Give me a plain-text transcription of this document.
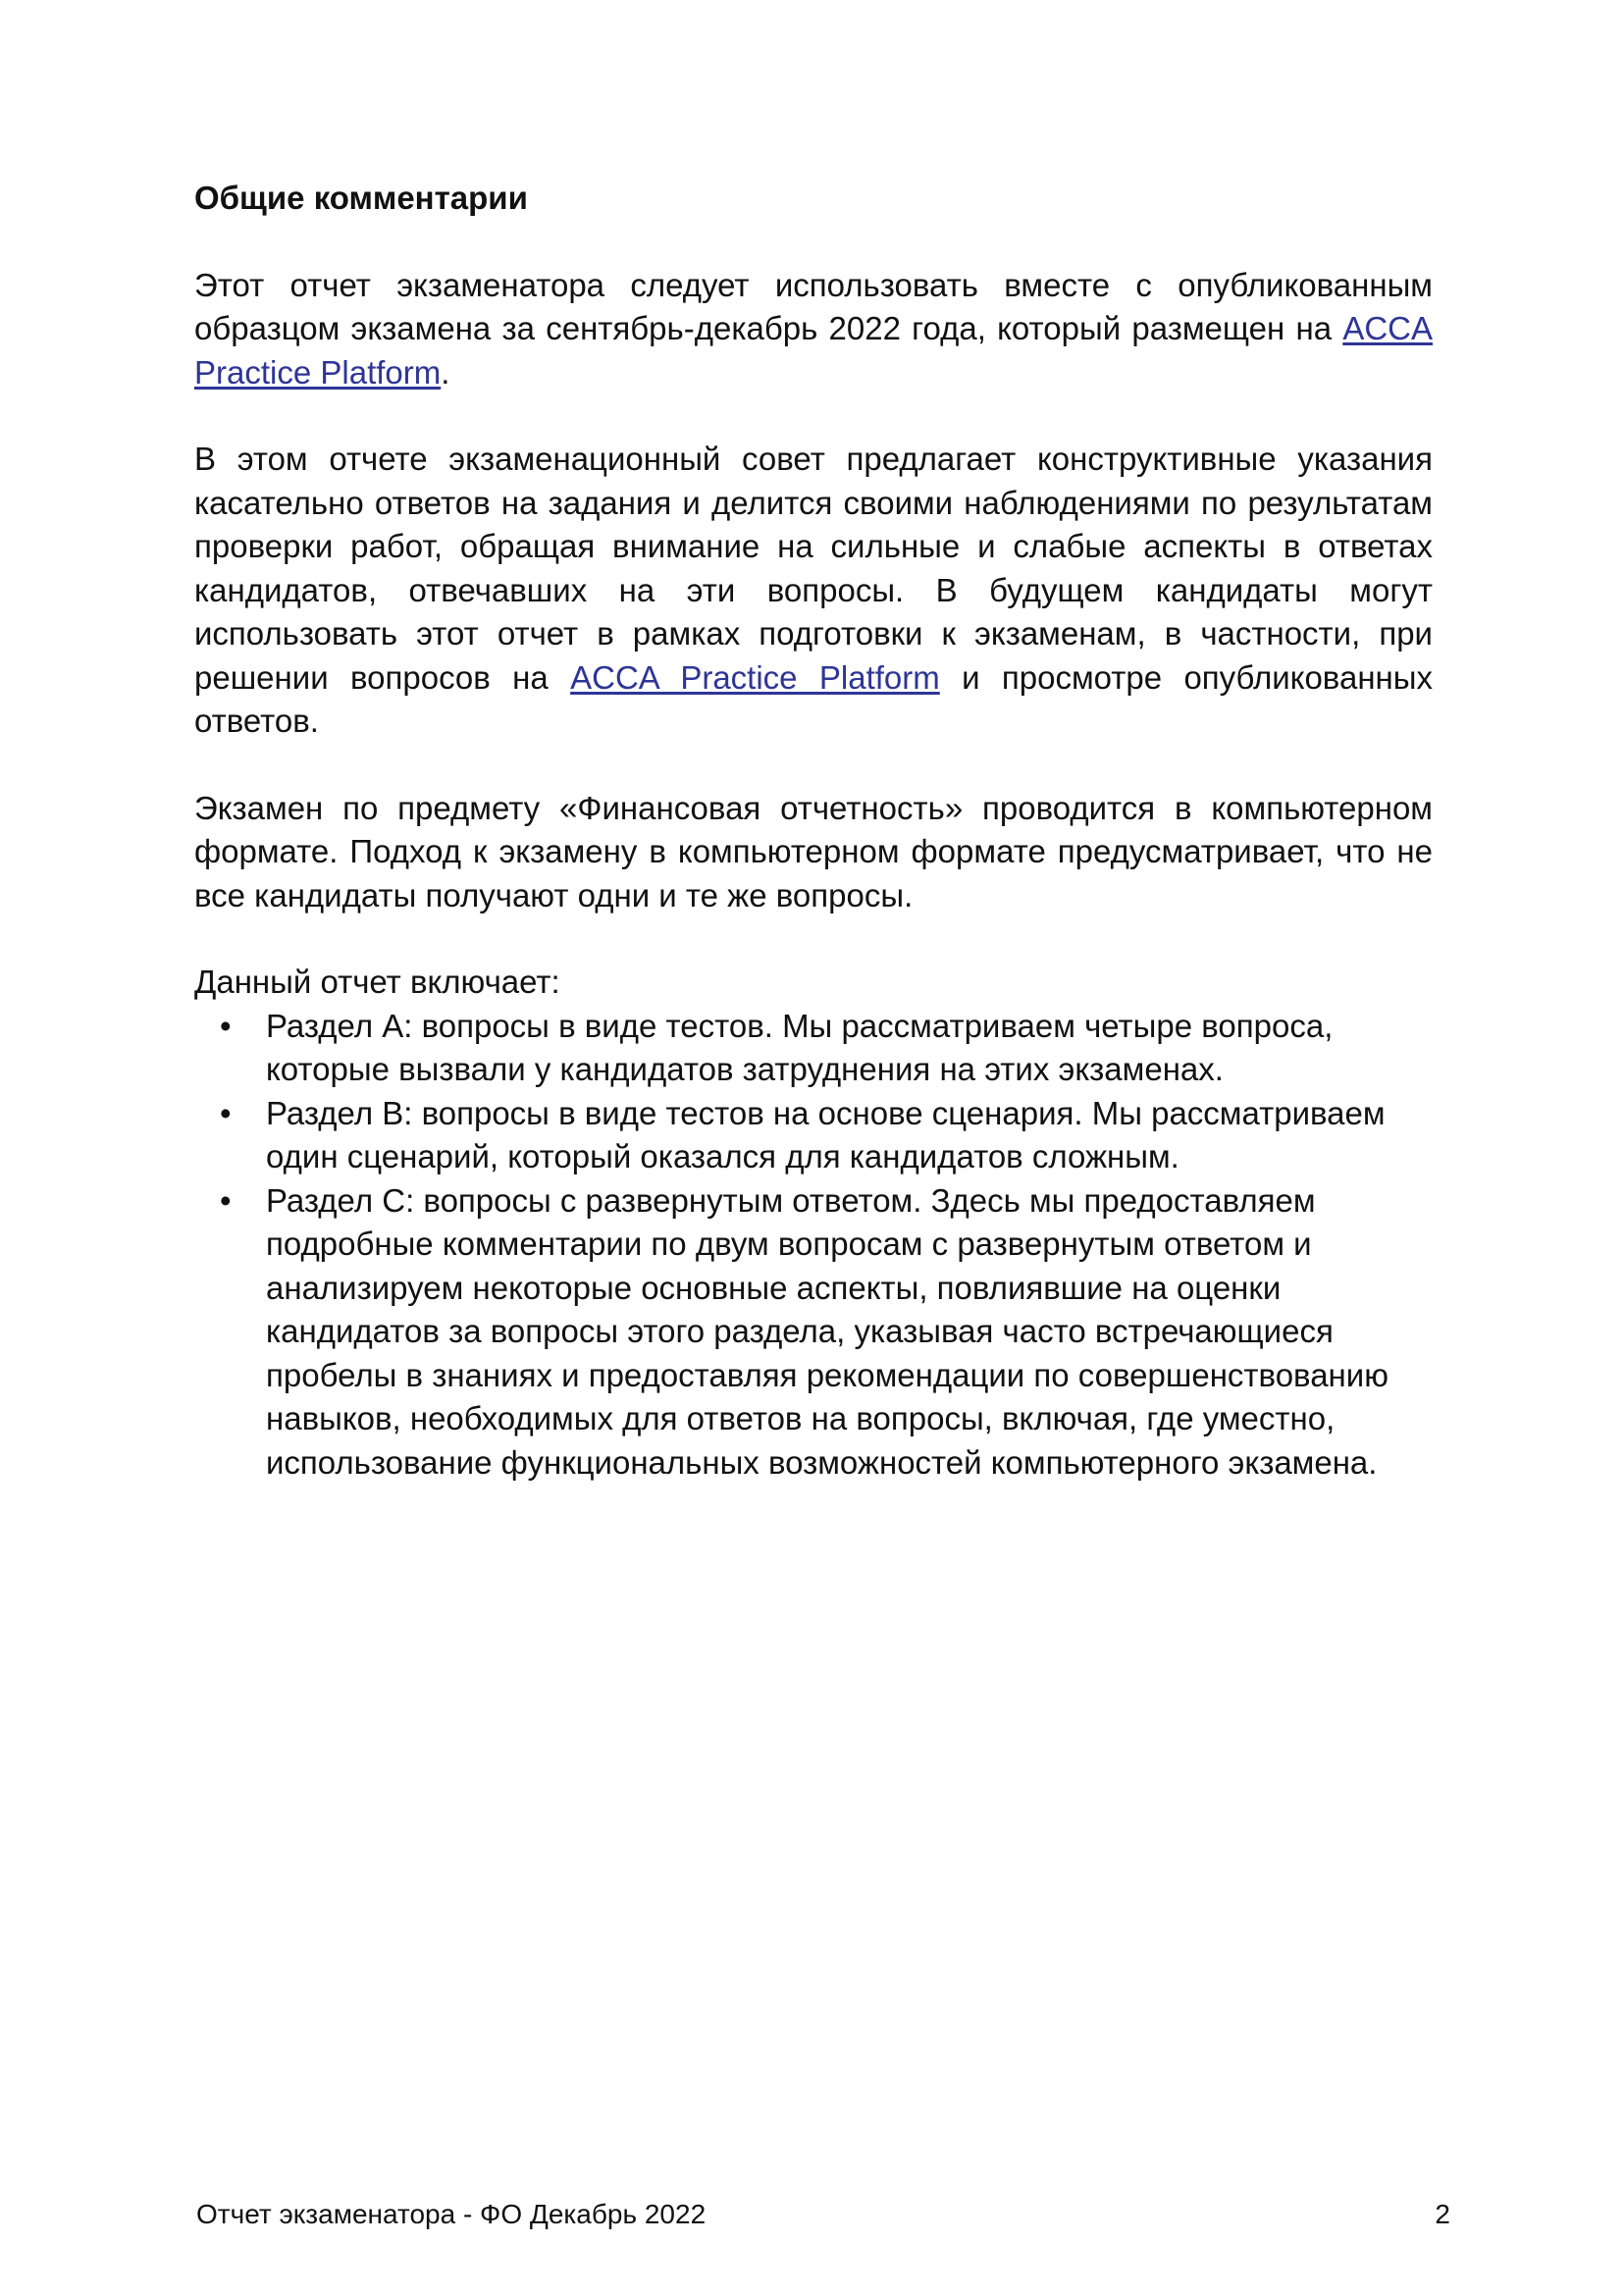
Общие комментарии

Этот отчет экзаменатора следует использовать вместе с опубликованным образцом экзамена за сентябрь-декабрь 2022 года, который размещен на ACCA Practice Platform.

В этом отчете экзаменационный совет предлагает конструктивные указания касательно ответов на задания и делится своими наблюдениями по результатам проверки работ, обращая внимание на сильные и слабые аспекты в ответах кандидатов, отвечавших на эти вопросы. В будущем кандидаты могут использовать этот отчет в рамках подготовки к экзаменам, в частности, при решении вопросов на ACCA Practice Platform и просмотре опубликованных ответов.

Экзамен по предмету «Финансовая отчетность» проводится в компьютерном формате. Подход к экзамену в компьютерном формате предусматривает, что не все кандидаты получают одни и те же вопросы.

Данный отчет включает:

• Раздел A: вопросы в виде тестов. Мы рассматриваем четыре вопроса, которые вызвали у кандидатов затруднения на этих экзаменах.
• Раздел B: вопросы в виде тестов на основе сценария. Мы рассматриваем один сценарий, который оказался для кандидатов сложным.
• Раздел C: вопросы с развернутым ответом. Здесь мы предоставляем подробные комментарии по двум вопросам с развернутым ответом и анализируем некоторые основные аспекты, повлиявшие на оценки кандидатов за вопросы этого раздела, указывая часто встречающиеся пробелы в знаниях и предоставляя рекомендации по совершенствованию навыков, необходимых для ответов на вопросы, включая, где уместно, использование функциональных возможностей компьютерного экзамена.
Отчет экзаменатора - ФО Декабрь 2022	2
